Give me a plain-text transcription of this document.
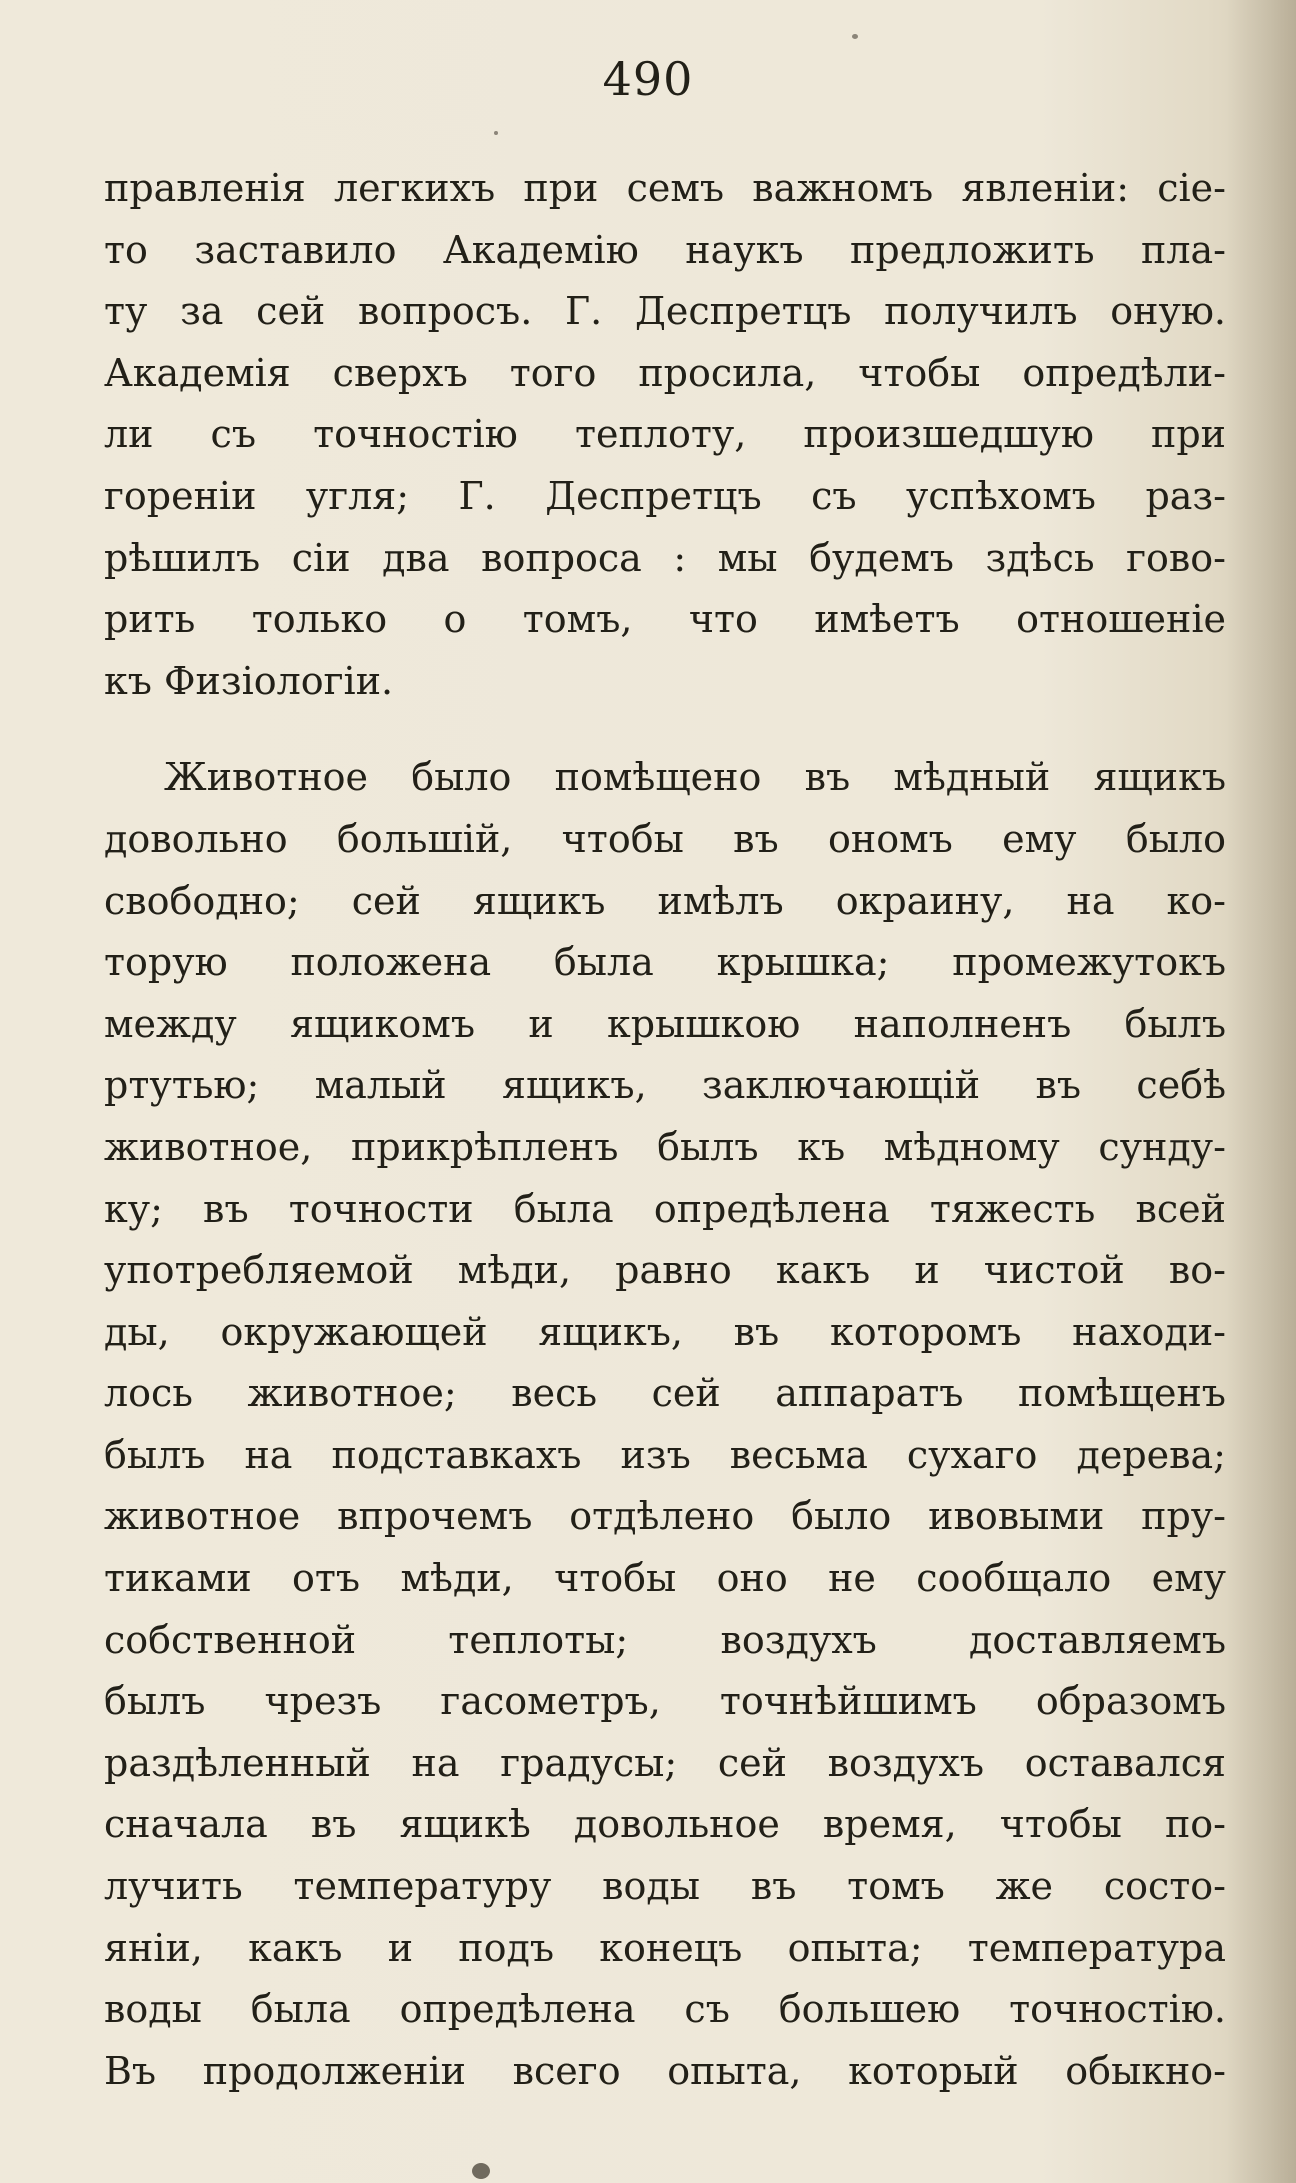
490
правленія легкихъ при семъ важномъ явленіи: сіе-
то заставило Академію наукъ предложить пла-
ту за сей вопросъ. Г. Деспретцъ получилъ оную.
Академія сверхъ того просила, чтобы опредѣли-
ли съ точностію теплоту, произшедшую при
гореніи угля; Г. Деспретцъ съ успѣхомъ раз-
рѣшилъ сіи два вопроса : мы будемъ здѣсь гово-
рить только о томъ, что имѣетъ отношеніе
къ Физіологіи.
Животное было помѣщено въ мѣдный ящикъ
довольно большій, чтобы въ ономъ ему было
свободно; сей ящикъ имѣлъ окраину, на ко-
торую положена была крышка; промежутокъ
между ящикомъ и крышкою наполненъ былъ
ртутью; малый ящикъ, заключающій въ себѣ
животное, прикрѣпленъ былъ къ мѣдному сунду-
ку; въ точности была опредѣлена тяжесть всей
употребляемой мѣди, равно какъ и чистой во-
ды, окружающей ящикъ, въ которомъ находи-
лось животное; весь сей аппаратъ помѣщенъ
былъ на подставкахъ изъ весьма сухаго дерева;
животное впрочемъ отдѣлено было ивовыми пру-
тиками отъ мѣди, чтобы оно не сообщало ему
собственной теплоты; воздухъ доставляемъ
былъ чрезъ гасометръ, точнѣйшимъ образомъ
раздѣленный на градусы; сей воздухъ оставался
сначала въ ящикѣ довольное время, чтобы по-
лучить температуру воды въ томъ же состо-
яніи, какъ и подъ конецъ опыта; температура
воды была опредѣлена съ большею точностію.
Въ продолженіи всего опыта, который обыкно-
